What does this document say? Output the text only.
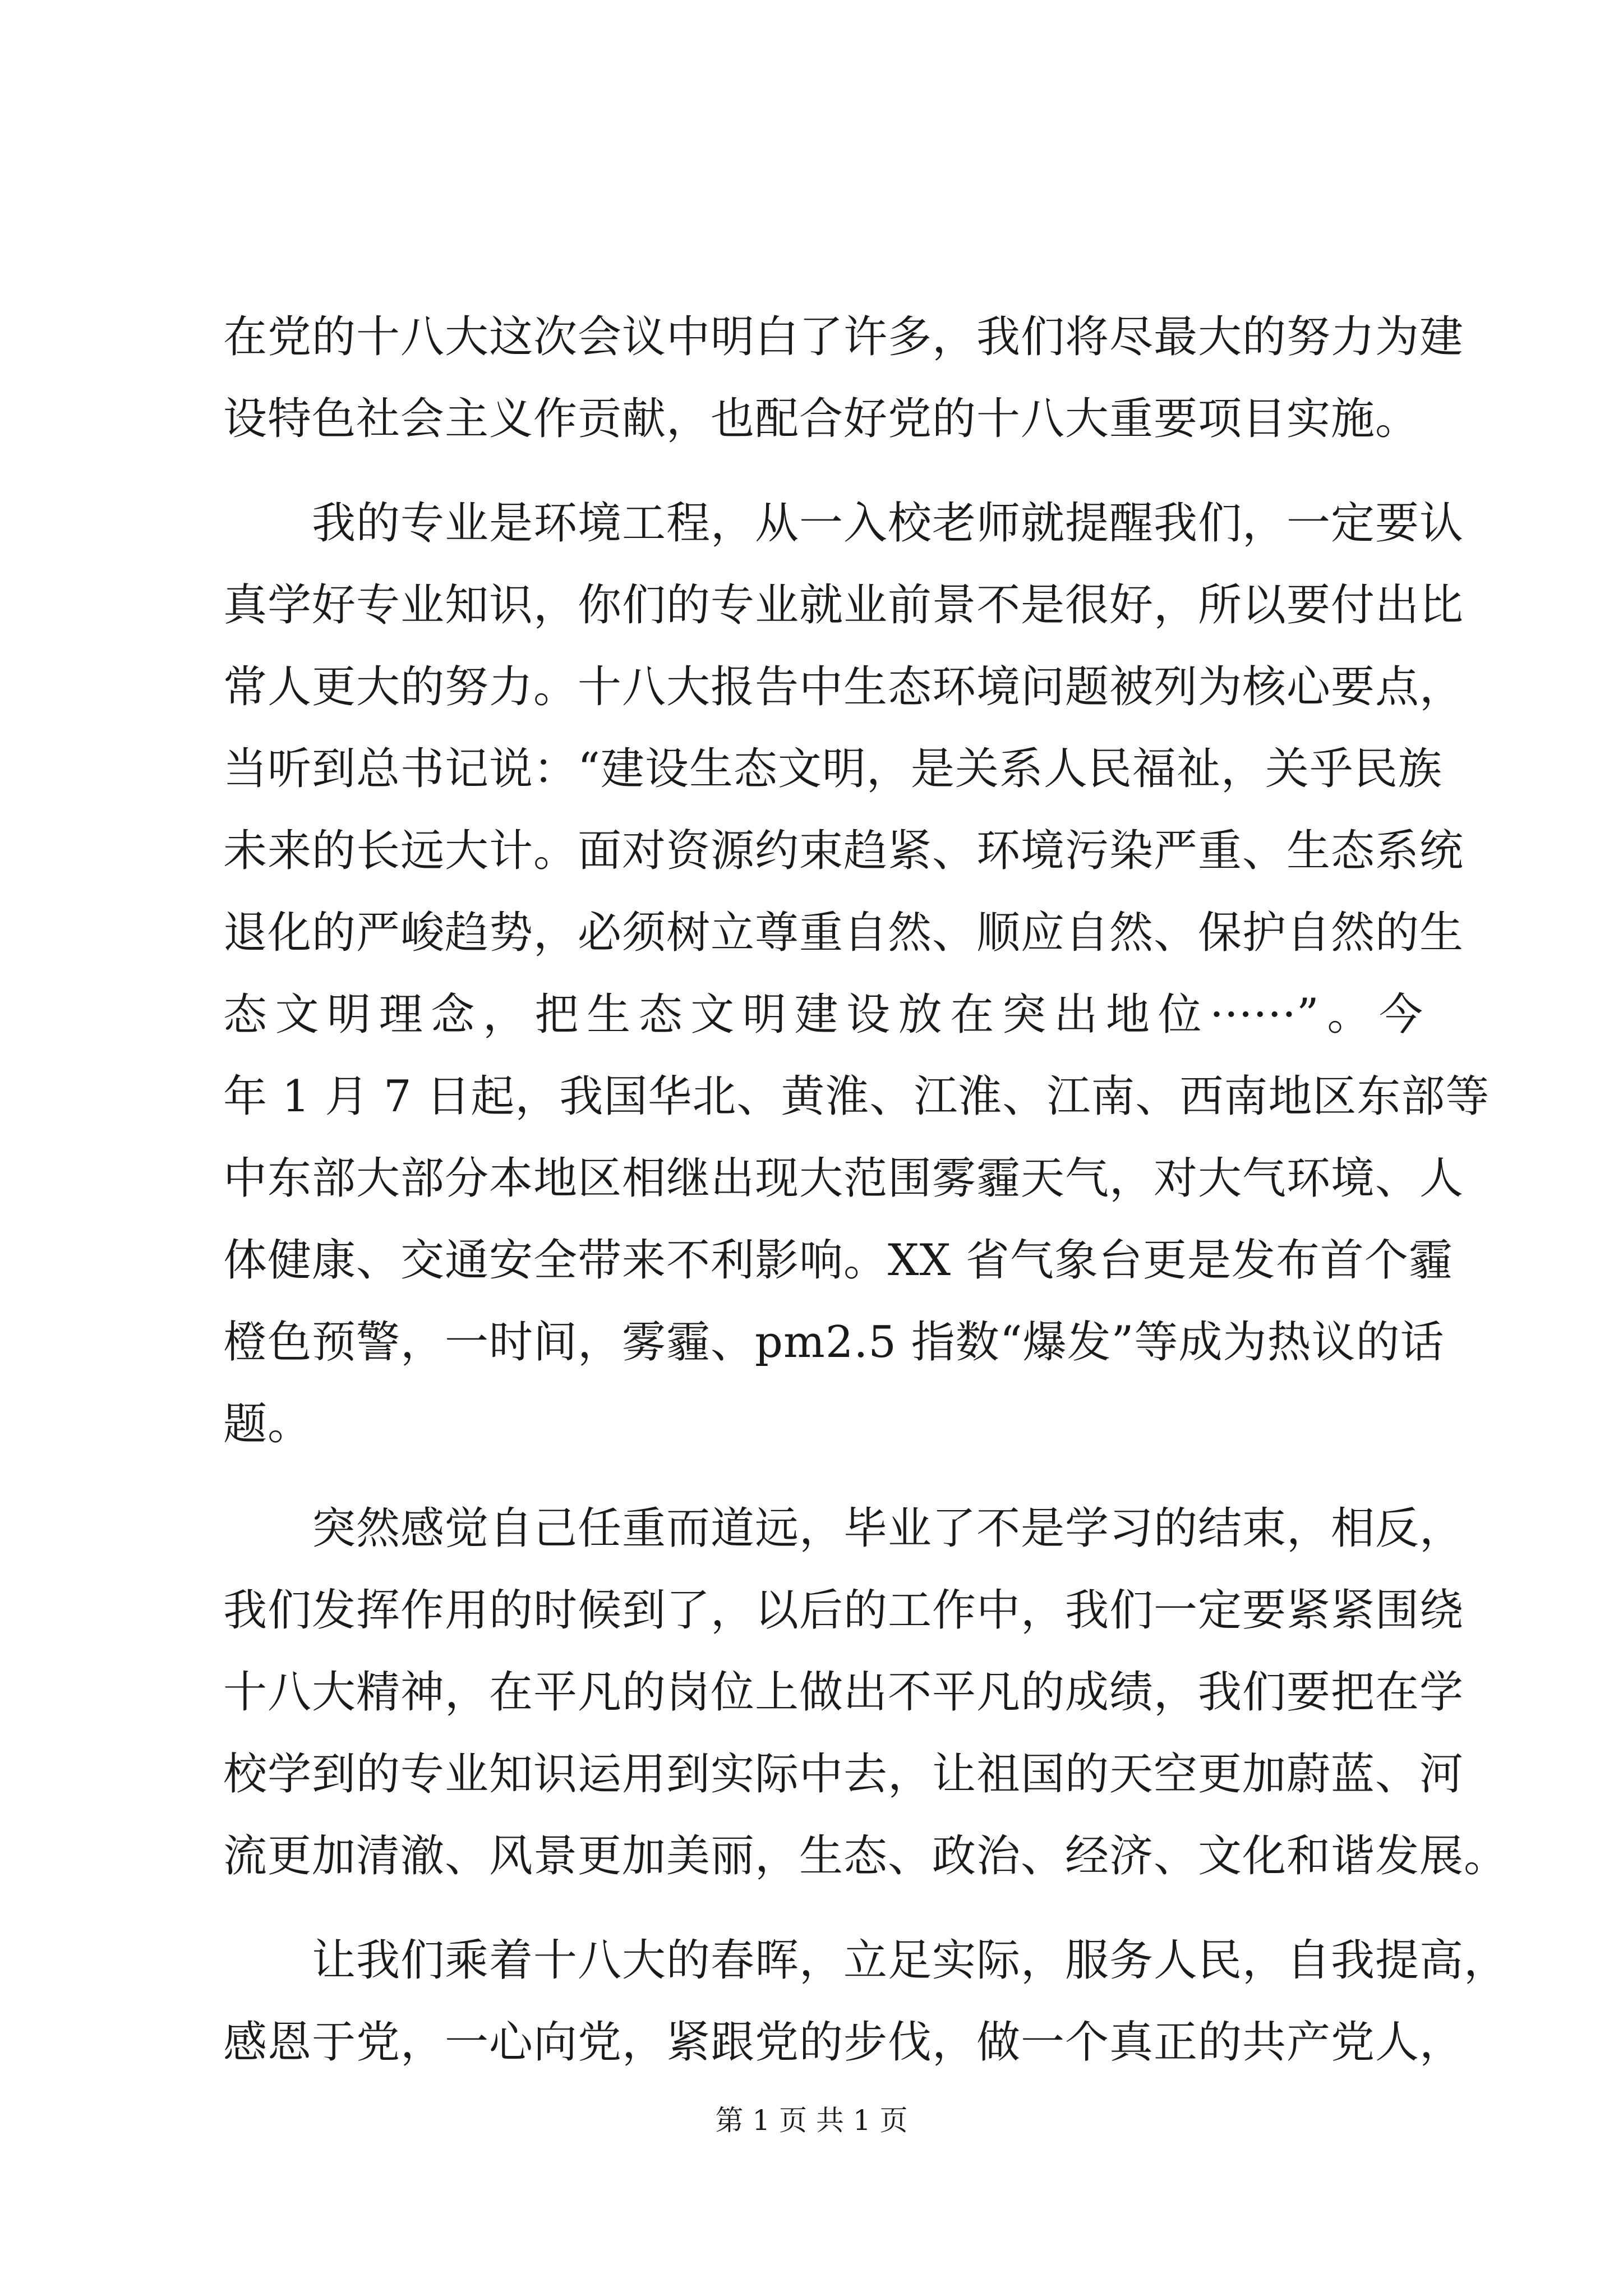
在党的十八大这次会议中明白了许多，我们将尽最大的努力为建
设特色社会主义作贡献，也配合好党的十八大重要项目实施。
　　我的专业是环境工程，从一入校老师就提醒我们，一定要认
真学好专业知识，你们的专业就业前景不是很好，所以要付出比
常人更大的努力。十八大报告中生态环境问题被列为核心要点，
当听到总书记说：“建设生态文明，是关系人民福祉，关乎民族
未来的长远大计。面对资源约束趋紧、环境污染严重、生态系统
退化的严峻趋势，必须树立尊重自然、顺应自然、保护自然的生
态文明理念，把生态文明建设放在突出地位······”。今
年 1 月 7 日起，我国华北、黄淮、江淮、江南、西南地区东部等
中东部大部分本地区相继出现大范围雾霾天气，对大气环境、人
体健康、交通安全带来不利影响。XX 省气象台更是发布首个霾
橙色预警，一时间，雾霾、pm2.5 指数“爆发”等成为热议的话
题。
　　突然感觉自己任重而道远，毕业了不是学习的结束，相反，
我们发挥作用的时候到了，以后的工作中，我们一定要紧紧围绕
十八大精神，在平凡的岗位上做出不平凡的成绩，我们要把在学
校学到的专业知识运用到实际中去，让祖国的天空更加蔚蓝、河
流更加清澈、风景更加美丽，生态、政治、经济、文化和谐发展。
　　让我们乘着十八大的春晖，立足实际，服务人民，自我提高，
感恩于党，一心向党，紧跟党的步伐，做一个真正的共产党人，
第 1 页 共 1 页
